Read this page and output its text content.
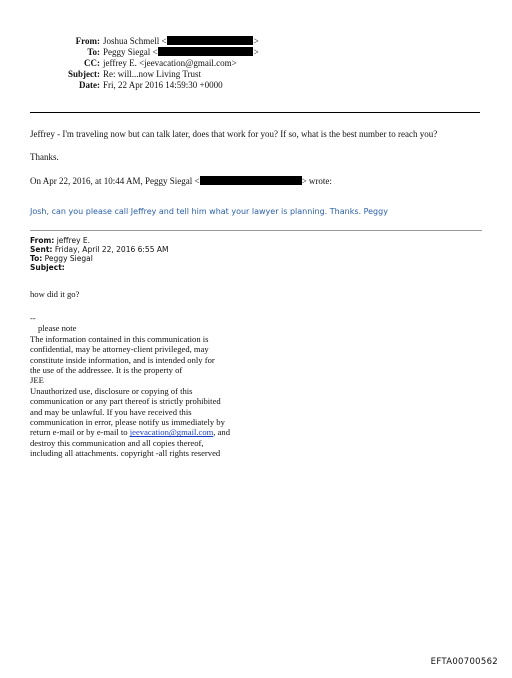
From: Joshua Schmell <	>
To: Peggy Siegal <	>
CC: jeffrey E. <jeevacation@gmail.com>
Subject: Re: will...now Living Trust
Date: Fri, 22 Apr 2016 14:59:30 +0000
Jeffrey - I'm traveling now but can talk later, does that work for you? If so, what is the best number to reach you?
Thanks.
On Apr 22, 2016, at 10:44 AM, Peggy Siegal <	> wrote:
Josh, can you please call Jeffrey and tell him what your lawyer is planning. Thanks. Peggy
From: jeffrey E.
Sent: Friday, April 22, 2016 6:55 AM
To: Peggy Siegal
Subject:
how did it go?
--
please note
The information contained in this communication is
confidential, may be attorney-client privileged, may
constitute inside information, and is intended only for
the use of the addressee. It is the property of
JEE
Unauthorized use, disclosure or copying of this
communication or any part thereof is strictly prohibited
and may be unlawful. If you have received this
communication in error, please notify us immediately by
return e-mail or by e-mail to jeevacation@gmail.com, and
destroy this communication and all copies thereof,
including all attachments. copyright -all rights reserved
EFTA00700562
